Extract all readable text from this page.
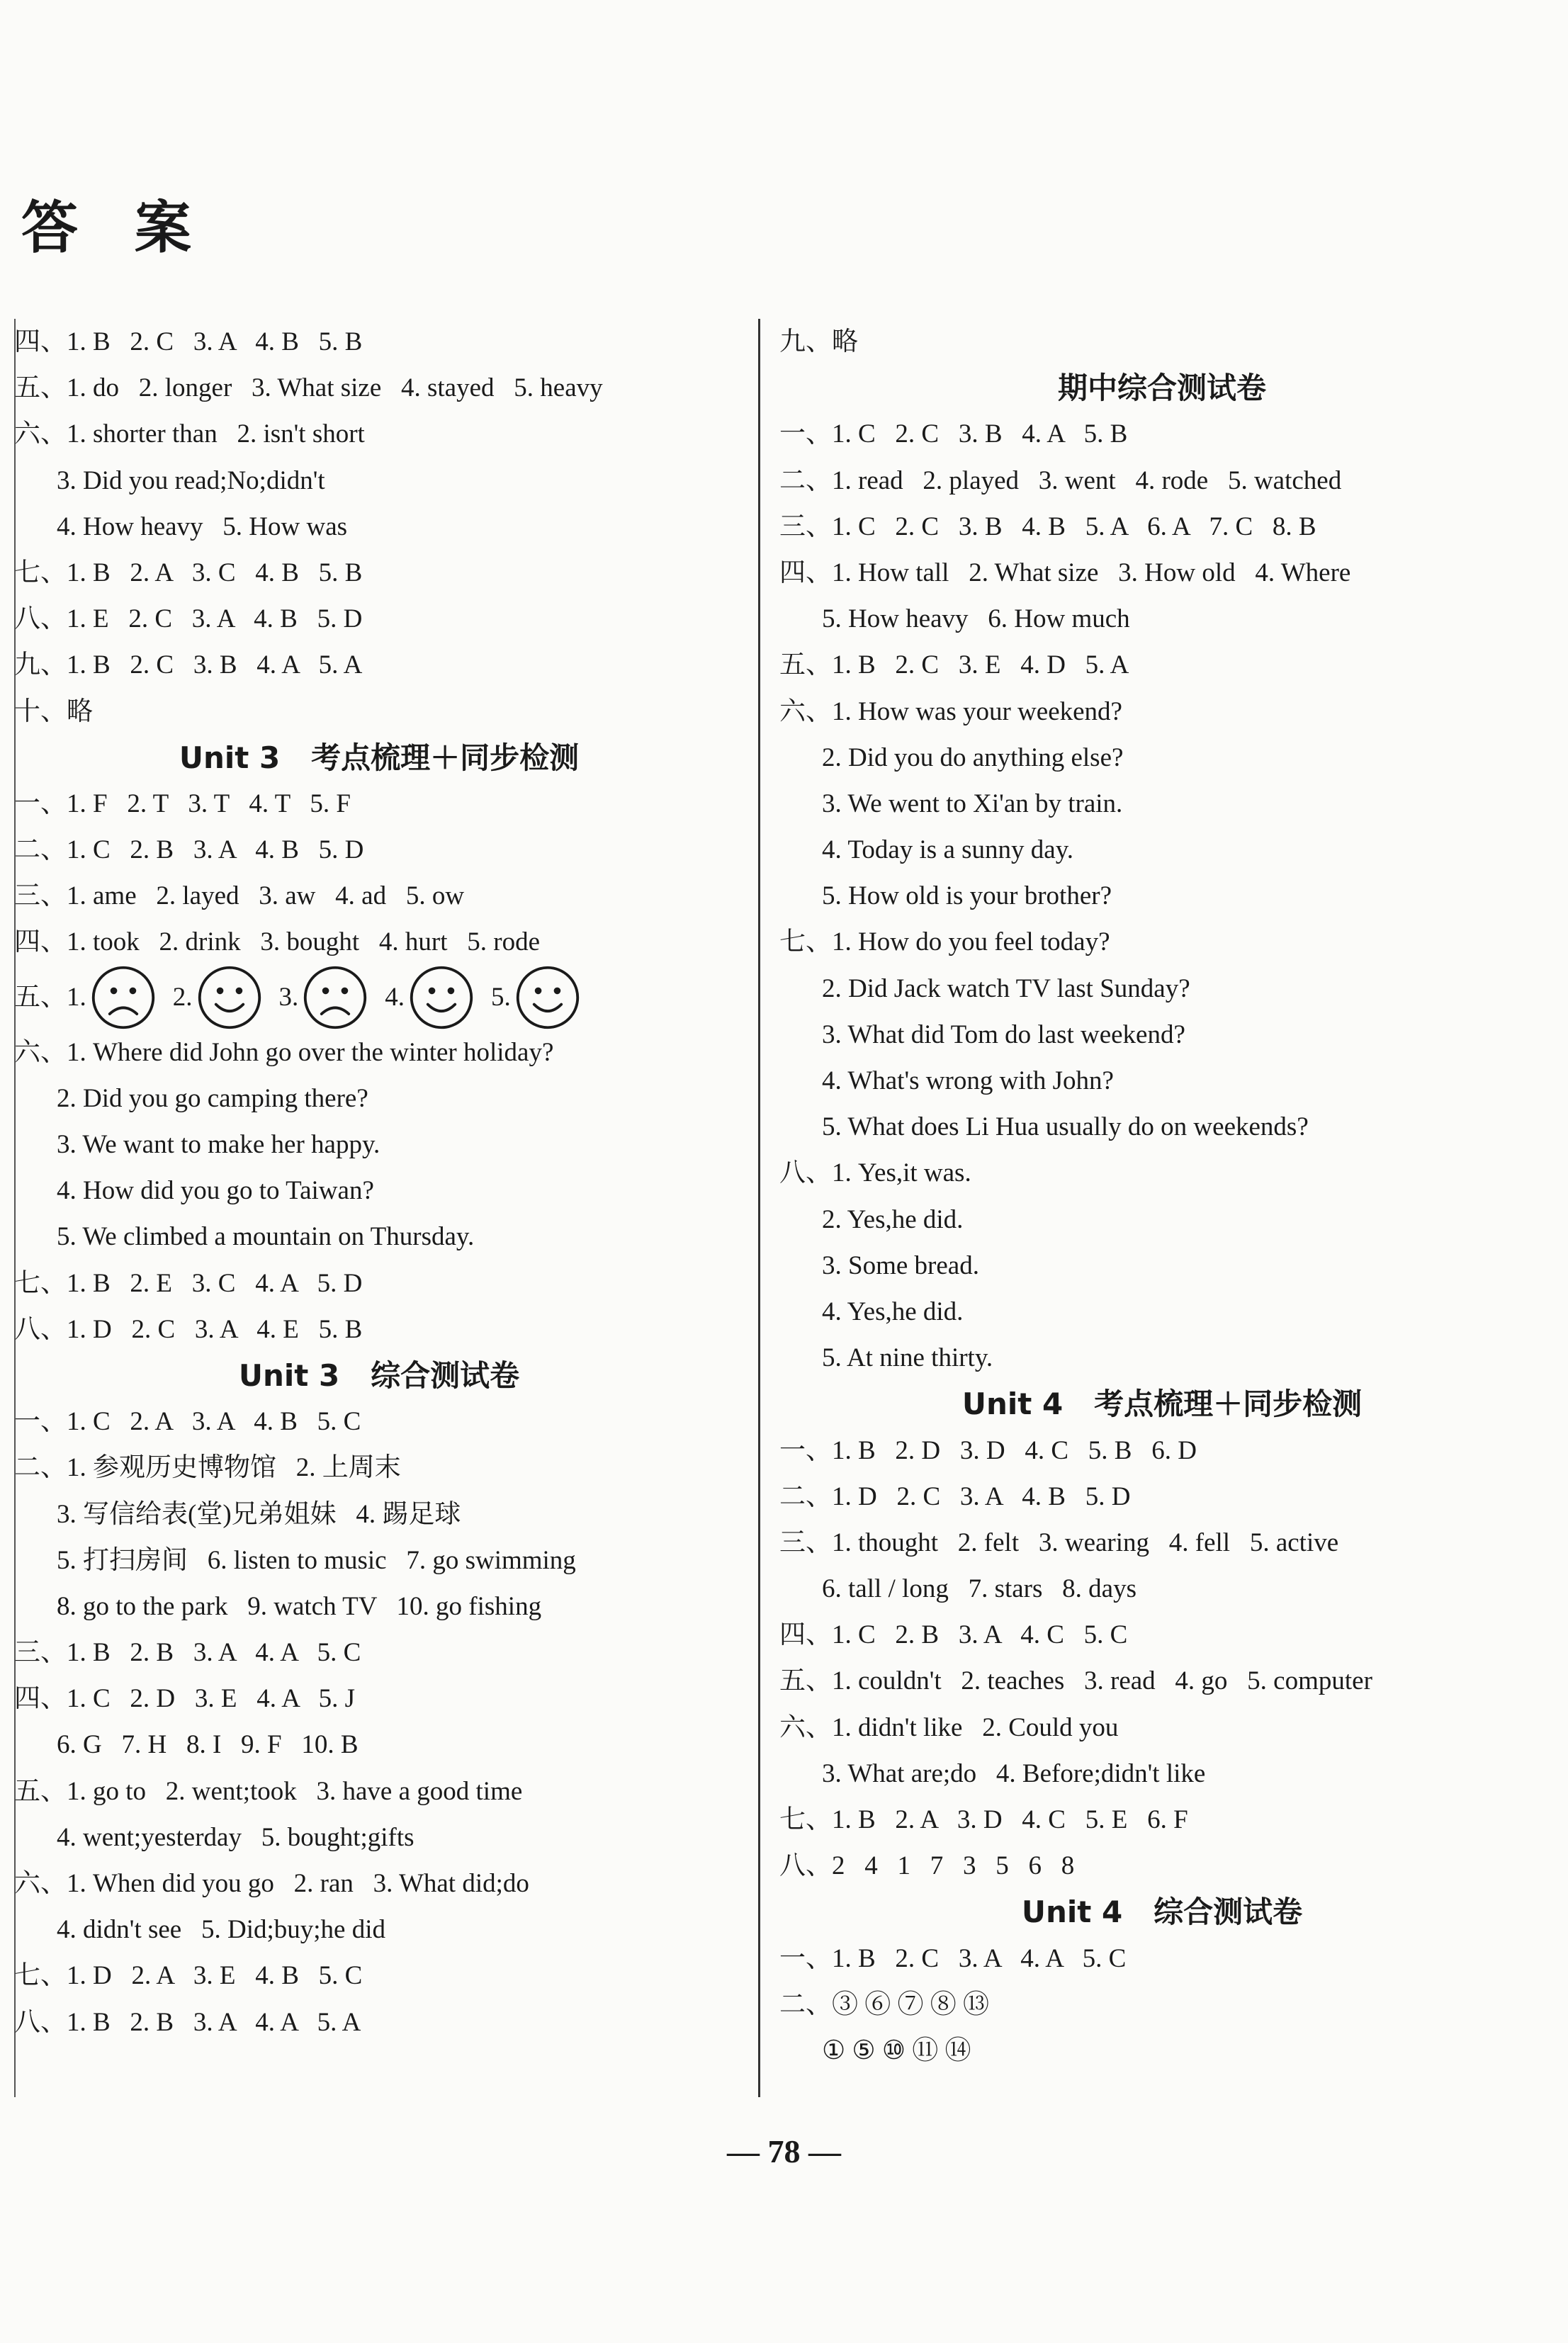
答 案

四、1. B   2. C   3. A   4. B   5. B

五、1. do   2. longer   3. What size   4. stayed   5. heavy

六、1. shorter than   2. isn't short

3. Did you read;No;didn't

4. How heavy   5. How was

七、1. B   2. A   3. C   4. B   5. B

八、1. E   2. C   3. A   4. B   5. D

九、1. B   2. C   3. B   4. A   5. A

十、略

Unit 3   考点梳理＋同步检测

一、1. F   2. T   3. T   4. T   5. F

二、1. C   2. B   3. A   4. B   5. D

三、1. ame   2. layed   3. aw   4. ad   5. ow

四、1. took   2. drink   3. bought   4. hurt   5. rode

五、 1.	2.	3.	4.	5.

六、1. Where did John go over the winter holiday?

2. Did you go camping there?

3. We want to make her happy.

4. How did you go to Taiwan?

5. We climbed a mountain on Thursday.

七、1. B   2. E   3. C   4. A   5. D

八、1. D   2. C   3. A   4. E   5. B

Unit 3   综合测试卷

一、1. C   2. A   3. A   4. B   5. C

二、1. 参观历史博物馆   2. 上周末

3. 写信给表(堂)兄弟姐妹   4. 踢足球

5. 打扫房间   6. listen to music   7. go swimming

8. go to the park   9. watch TV   10. go fishing

三、1. B   2. B   3. A   4. A   5. C

四、1. C   2. D   3. E   4. A   5. J

6. G   7. H   8. I   9. F   10. B

五、1. go to   2. went;took   3. have a good time

4. went;yesterday   5. bought;gifts

六、1. When did you go   2. ran   3. What did;do

4. didn't see   5. Did;buy;he did

七、1. D   2. A   3. E   4. B   5. C

八、1. B   2. B   3. A   4. A   5. A

九、略

期中综合测试卷

一、1. C   2. C   3. B   4. A   5. B

二、1. read   2. played   3. went   4. rode   5. watched

三、1. C   2. C   3. B   4. B   5. A   6. A   7. C   8. B

四、1. How tall   2. What size   3. How old   4. Where

5. How heavy   6. How much

五、1. B   2. C   3. E   4. D   5. A

六、1. How was your weekend?

2. Did you do anything else?

3. We went to Xi'an by train.

4. Today is a sunny day.

5. How old is your brother?

七、1. How do you feel today?

2. Did Jack watch TV last Sunday?

3. What did Tom do last weekend?

4. What's wrong with John?

5. What does Li Hua usually do on weekends?

八、1. Yes,it was.

2. Yes,he did.

3. Some bread.

4. Yes,he did.

5. At nine thirty.

Unit 4   考点梳理＋同步检测

一、1. B   2. D   3. D   4. C   5. B   6. D

二、1. D   2. C   3. A   4. B   5. D

三、1. thought   2. felt   3. wearing   4. fell   5. active

6. tall / long   7. stars   8. days

四、1. C   2. B   3. A   4. C   5. C

五、1. couldn't   2. teaches   3. read   4. go   5. computer

六、1. didn't like   2. Could you

3. What are;do   4. Before;didn't like

七、1. B   2. A   3. D   4. C   5. E   6. F

八、2   4   1   7   3   5   6   8

Unit 4   综合测试卷

一、1. B   2. C   3. A   4. A   5. C

二、③ ⑥ ⑦ ⑧ ⑬

① ⑤ ⑩ ⑪ ⑭

— 78 —
